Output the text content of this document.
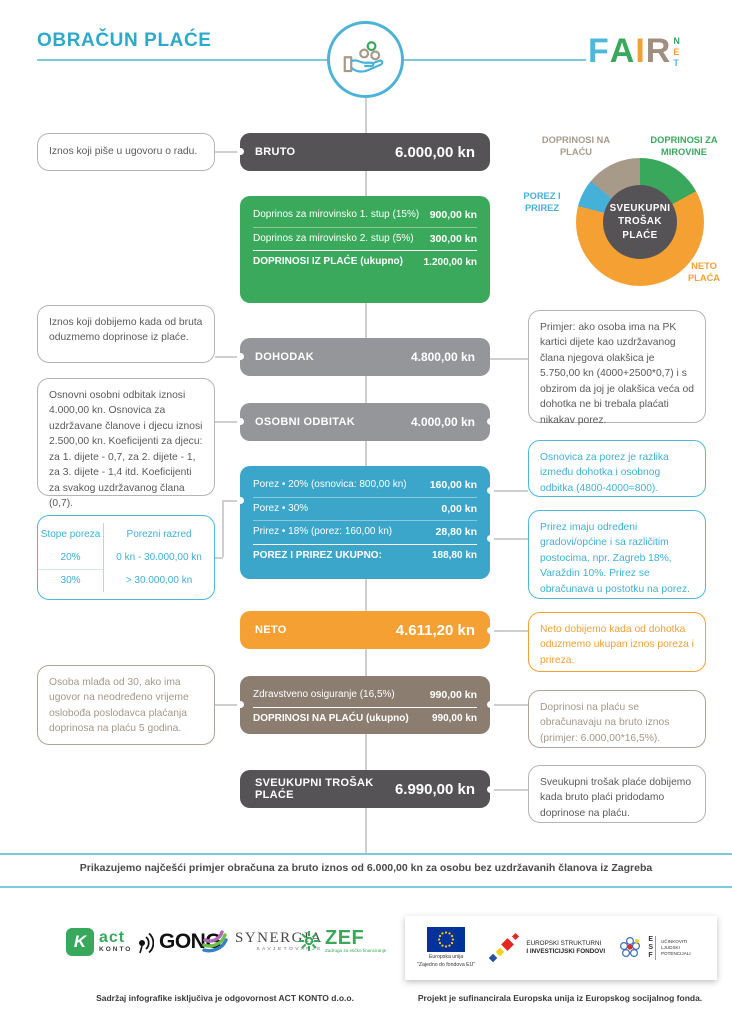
OBRAČUN PLAĆE	F A I R N
E
T
DOPRINOSI NA PLAĆU
DOPRINOSI ZA MIROVINE
POREZ I PRIREZ
NETO PLAĆA
SVEUKUPNI
TROŠAK
PLAĆE
BRUTO	6.000,00 kn
Doprinos za mirovinsko 1. stup (15%) 900,00 kn
Doprinos za mirovinsko 2. stup (5%) 300,00 kn
DOPRINOSI IZ PLAĆE (ukupno) 1.200,00 kn
DOHODAK	4.800,00 kn
OSOBNI ODBITAK	4.000,00 kn
Porez • 20% (osnovica: 800,00 kn) 160,00 kn
Porez • 30%	0,00 kn
Prirez • 18% (porez: 160,00 kn)	28,80 kn
POREZ I PRIREZ UKUPNO:	188,80 kn
NETO	4.611,20 kn
Zdravstveno osiguranje (16,5%)	990,00 kn
DOPRINOSI NA PLAĆU (ukupno) 990,00 kn
SVEUKUPNI TROŠAK PLAĆE	6.990,00 kn
Iznos koji piše u ugovoru o radu.
Iznos koji dobijemo kada od bruta oduzmemo doprinose iz plaće.
Osnovni osobni odbitak iznosi 4.000,00 kn. Osnovica za uzdržavane članove i djecu iznosi 2.500,00 kn. Koeficijenti za djecu: za 1. dijete - 0,7, za 2. dijete - 1, za 3. dijete - 1,4 itd. Koeficijenti za svakog uzdržavanog člana (0,7).
Stope poreza	Porezni razred
20%	0 kn - 30.000,00 kn
30%	> 30.000,00 kn
Osoba mlađa od 30, ako ima ugovor na neodređeno vrijeme oslobođa poslodavca plaćanja doprinosa na plaću 5 godina.
Primjer: ako osoba ima na PK kartici dijete kao uzdržavanog člana njegova olakšica je 5.750,00 kn (4000+2500*0,7) i s obzirom da joj je olakšica veća od dohotka ne bi trebala plaćati nikakav porez.
Osnovica za porez je razlika između dohotka i osobnog odbitka (4800-4000=800).
Prirez imaju određeni gradovi/općine i sa različitim postocima, npr. Zagreb 18%, Varaždin 10%. Prirez se obračunava u postotku na porez.
Neto dobijemo kada od dohotka oduzmemo ukupan iznos poreza i prireza.
Doprinosi na plaću se obračunavaju na bruto iznos (primjer: 6.000,00*16,5%).
Sveukupni trošak plaće dobijemo kada bruto plaći pridodamo doprinose na plaću.
Prikazujemo najčešći primjer obračuna za bruto iznos od 6.000,00 kn za osobu bez uzdržavanih članova iz Zagreba
K act
KONTO GONG SYNERGIA
SAVJETOVANJE
ZEF
Zadruga za etičko financiranje
Europska unija
"Zajedno do fondova EU"
EUROPSKI STRUKTURNI
I INVESTICIJSKI FONDOVI
E
S
F
UČINKOVITI LJUDSKI POTENCIJALI
Sadržaj infografike isključiva je odgovornost ACT KONTO d.o.o.	Projekt je sufinancirala Europska unija iz Europskog socijalnog fonda.
